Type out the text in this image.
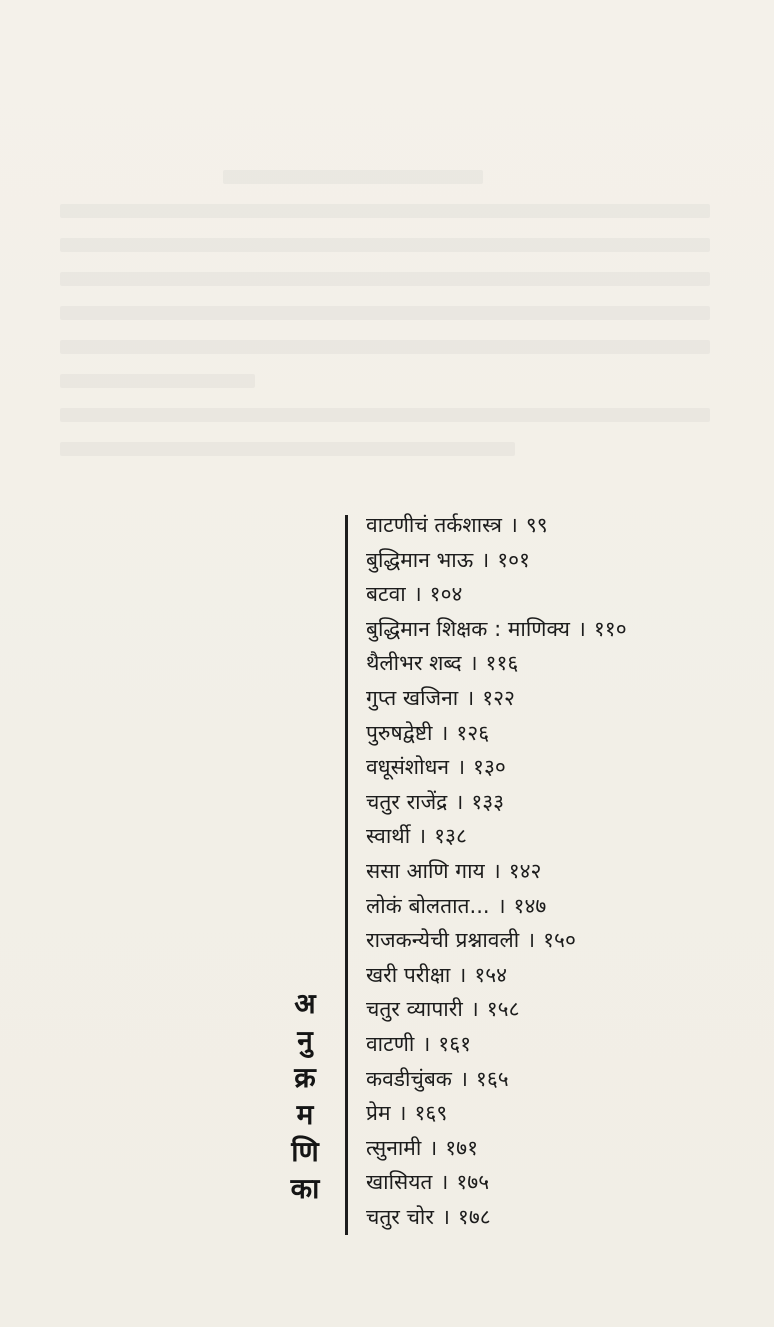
अ
नु
क्र
म
णि
का
वाटणीचं तर्कशास्त्र । ९९
बुद्धिमान भाऊ । १०१
बटवा । १०४
बुद्धिमान शिक्षक : माणिक्य । ११०
थैलीभर शब्द । ११६
गुप्त खजिना । १२२
पुरुषद्वेष्टी । १२६
वधूसंशोधन । १३०
चतुर राजेंद्र । १३३
स्वार्थी । १३८
ससा आणि गाय । १४२
लोकं बोलतात... । १४७
राजकन्येची प्रश्नावली । १५०
खरी परीक्षा । १५४
चतुर व्यापारी । १५८
वाटणी । १६१
कवडीचुंबक । १६५
प्रेम । १६९
त्सुनामी । १७१
खासियत । १७५
चतुर चोर । १७८
